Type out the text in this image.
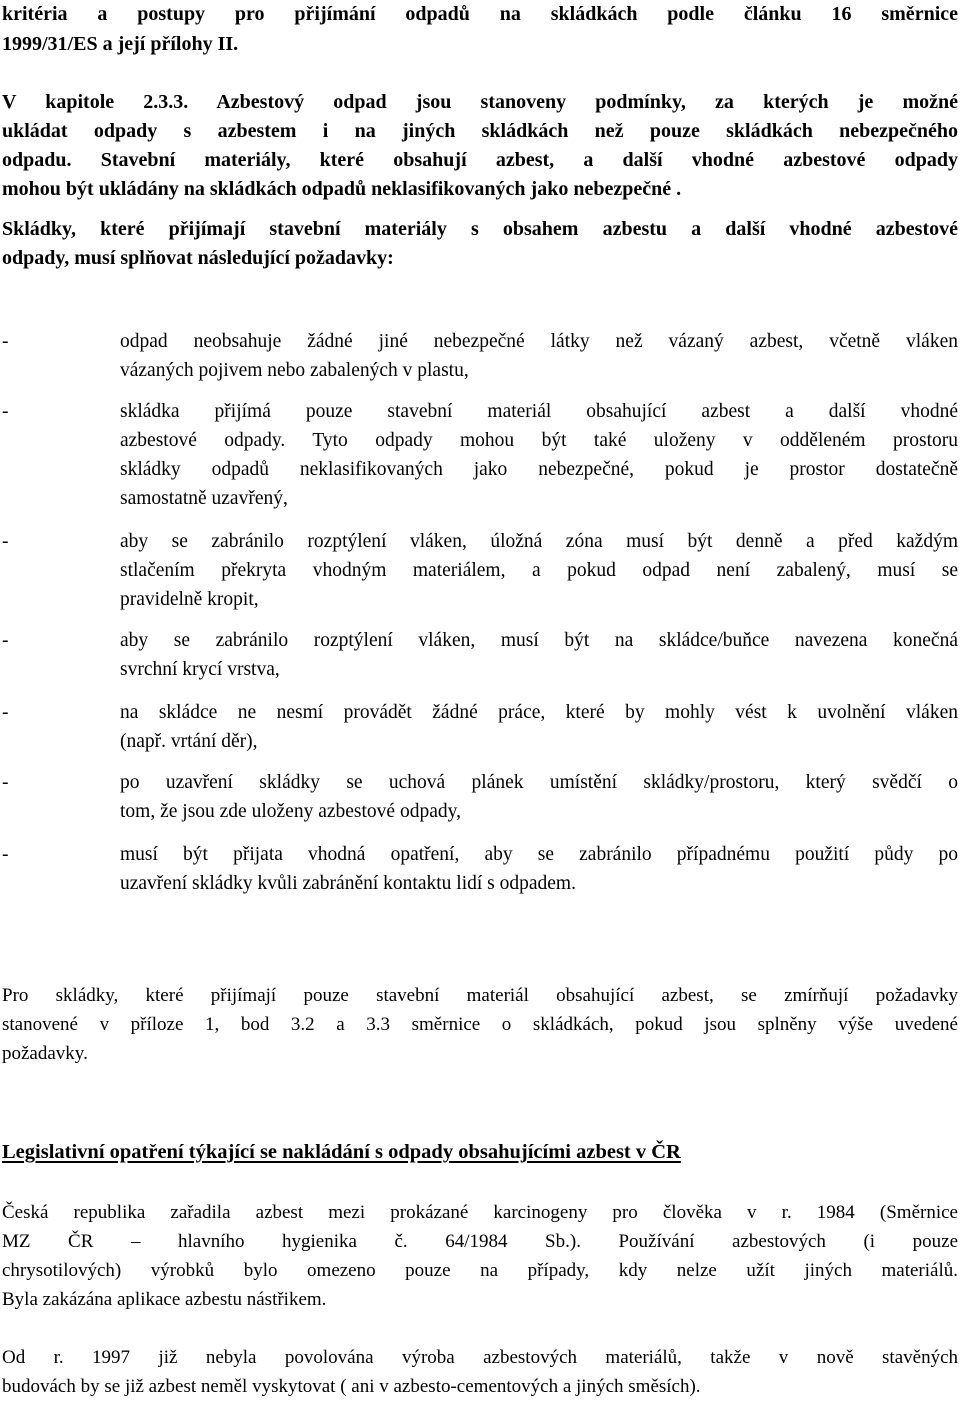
kritéria a postupy pro přijímání odpadů na skládkách podle článku 16 směrnice
1999/31/ES a její přílohy II.
V kapitole 2.3.3. Azbestový odpad jsou stanoveny podmínky, za kterých je možné
ukládat odpady s azbestem i na jiných skládkách než pouze skládkách nebezpečného
odpadu. Stavební materiály, které obsahují azbest, a další vhodné azbestové odpady
mohou být ukládány na skládkách odpadů neklasifikovaných jako nebezpečné .
Skládky, které přijímají stavební materiály s obsahem azbestu a další vhodné azbestové
odpady, musí splňovat následující požadavky:
-	odpad neobsahuje žádné jiné nebezpečné látky než vázaný azbest, včetně vláken
vázaných pojivem nebo zabalených v plastu,
-	skládka přijímá pouze stavební materiál obsahující azbest a další vhodné
azbestové odpady. Tyto odpady mohou být také uloženy v odděleném prostoru
skládky odpadů neklasifikovaných jako nebezpečné, pokud je prostor dostatečně
samostatně uzavřený,
-	aby se zabránilo rozptýlení vláken, úložná zóna musí být denně a před každým
stlačením překryta vhodným materiálem, a pokud odpad není zabalený, musí se
pravidelně kropit,
-	aby se zabránilo rozptýlení vláken, musí být na skládce/buňce navezena konečná
svrchní krycí vrstva,
-	na skládce ne nesmí provádět žádné práce, které by mohly vést k uvolnění vláken
(např. vrtání děr),
-	po uzavření skládky se uchová plánek umístění skládky/prostoru, který svědčí o
tom, že jsou zde uloženy azbestové odpady,
-	musí být přijata vhodná opatření, aby se zabránilo případnému použití půdy po
uzavření skládky kvůli zabránění kontaktu lidí s odpadem.
Pro skládky, které přijímají pouze stavební materiál obsahující azbest, se zmírňují požadavky
stanovené v příloze 1, bod 3.2 a 3.3 směrnice o skládkách, pokud jsou splněny výše uvedené
požadavky.
Legislativní opatření týkající se nakládání s odpady obsahujícími azbest v ČR
Česká republika zařadila azbest mezi prokázané karcinogeny pro člověka v r. 1984 (Směrnice
MZ ČR – hlavního hygienika č. 64/1984 Sb.). Používání azbestových (i pouze
chrysotilových) výrobků bylo omezeno pouze na případy, kdy nelze užít jiných materiálů.
Byla zakázána aplikace azbestu nástřikem.
Od r. 1997 již nebyla povolována výroba azbestových materiálů, takže v nově stavěných
budovách by se již azbest neměl vyskytovat ( ani v azbesto-cementových a jiných směsích).
